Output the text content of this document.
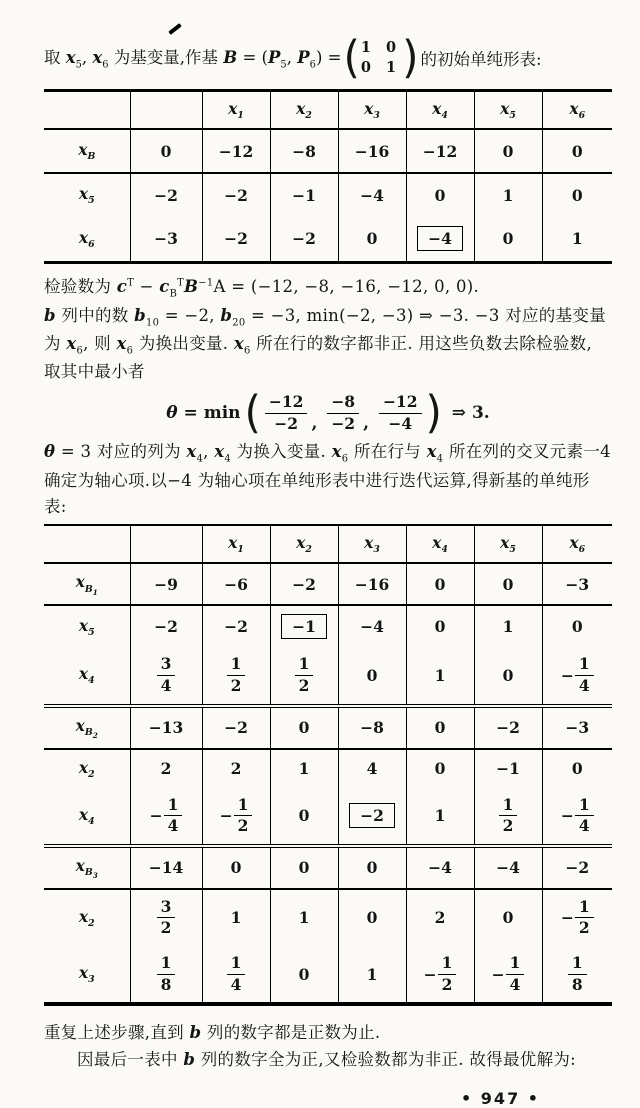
取 $x_5$, $x_6$ 为基变量,作基 $B = (P_5$, $P_6$) = ( 1 0
0 1 ) 的初始单纯形表:
		$x_1$	$x_2$	$x_3$	$x_4$	$x_5$	$x_6$
$x_B$	0	−12	−8	−16	−12	0	0
$x_5$	−2	−2	−1	−4	0	1	0
$x_6$	−3	−2	−2	0	−4	0	1

检验数为 $c^T - c_B^TB^{-1}A = (-12$, −8, −16, −12, 0, 0).

b 列中的数 $b_{10} = -2$, $b_{20} = -3$, min(−2, −3) ⇒ −3. −3 对应的基变量

为 $x_6$, 则 $x_6$ 为换出变量. $x_6$ 所在行的数字都非正. 用这些负数去除检验数,

取其中最小者

θ = min ( $\frac{-12}{-2}$ , $\frac{-8}{-2}$ , $\frac{-12}{-4}$ ) ⇒ 3.

θ = 3 对应的列为 $x_4$, $x_4$ 为换入变量. $x_6$ 所在行与 $x_4$ 所在列的交叉元素一4

确定为轴心项.以−4 为轴心项在单纯形表中进行迭代运算,得新基的单纯形表:

		$x_1$	$x_2$	$x_3$	$x_4$	$x_5$	$x_6$
$x_{B_1}$	−9	−6	−2	−16	0	0	−3
$x_5$	−2	−2	−1	−4	0	1	0
$x_4$	$\frac{3}{4}$	$\frac{1}{2}$	$\frac{1}{2}$	0	1	0	− $\frac{1}{4}$

$x_{B_2}$	−13	−2	0	−8	0	−2	−3
$x_2$	2	2	1	4	0	−1	0
$x_4$	− $\frac{1}{4}$	− $\frac{1}{2}$	0	−2	1	$\frac{1}{2}$	− $\frac{1}{4}$

$x_{B_3}$	−14	0	0	0	−4	−4	−2
$x_2$	$\frac{3}{2}$	1	1	0	2	0	− $\frac{1}{2}$

$x_3$	$\frac{1}{8}$	$\frac{1}{4}$	0	1	− $\frac{1}{2}$	− $\frac{1}{4}$	$\frac{1}{8}$

重复上述步骤,直到 b 列的数字都是正数为止.

因最后一表中 b 列的数字全为正,又检验数都为非正. 故得最优解为:

• 947 •
